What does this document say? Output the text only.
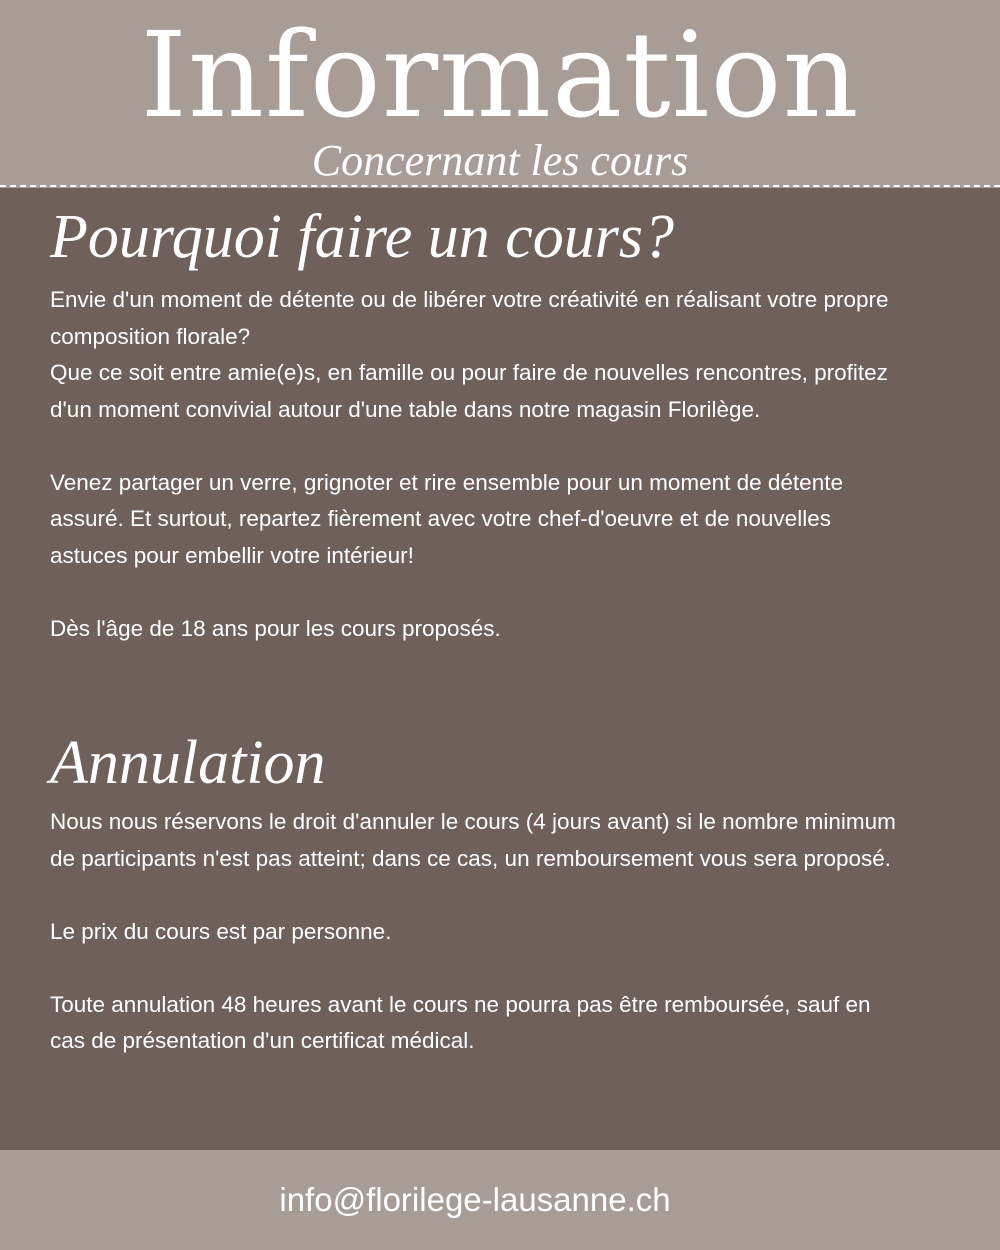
Information
Concernant les cours
Pourquoi faire un cours?

Envie d'un moment de détente ou de libérer votre créativité en réalisant votre propre composition florale?
Que ce soit entre amie(e)s, en famille ou pour faire de nouvelles rencontres, profitez d'un moment convivial autour d'une table dans notre magasin Florilège.

Venez partager un verre, grignoter et rire ensemble pour un moment de détente assuré. Et surtout, repartez fièrement avec votre chef-d'oeuvre et de nouvelles astuces pour embellir votre intérieur!

Dès l'âge de 18 ans pour les cours proposés.

Annulation

Nous nous réservons le droit d'annuler le cours (4 jours avant) si le nombre minimum de participants n'est pas atteint; dans ce cas, un remboursement vous sera proposé.

Le prix du cours est par personne.

Toute annulation 48 heures avant le cours ne pourra pas être remboursée, sauf en cas de présentation d'un certificat médical.

info@florilege-lausanne.ch
